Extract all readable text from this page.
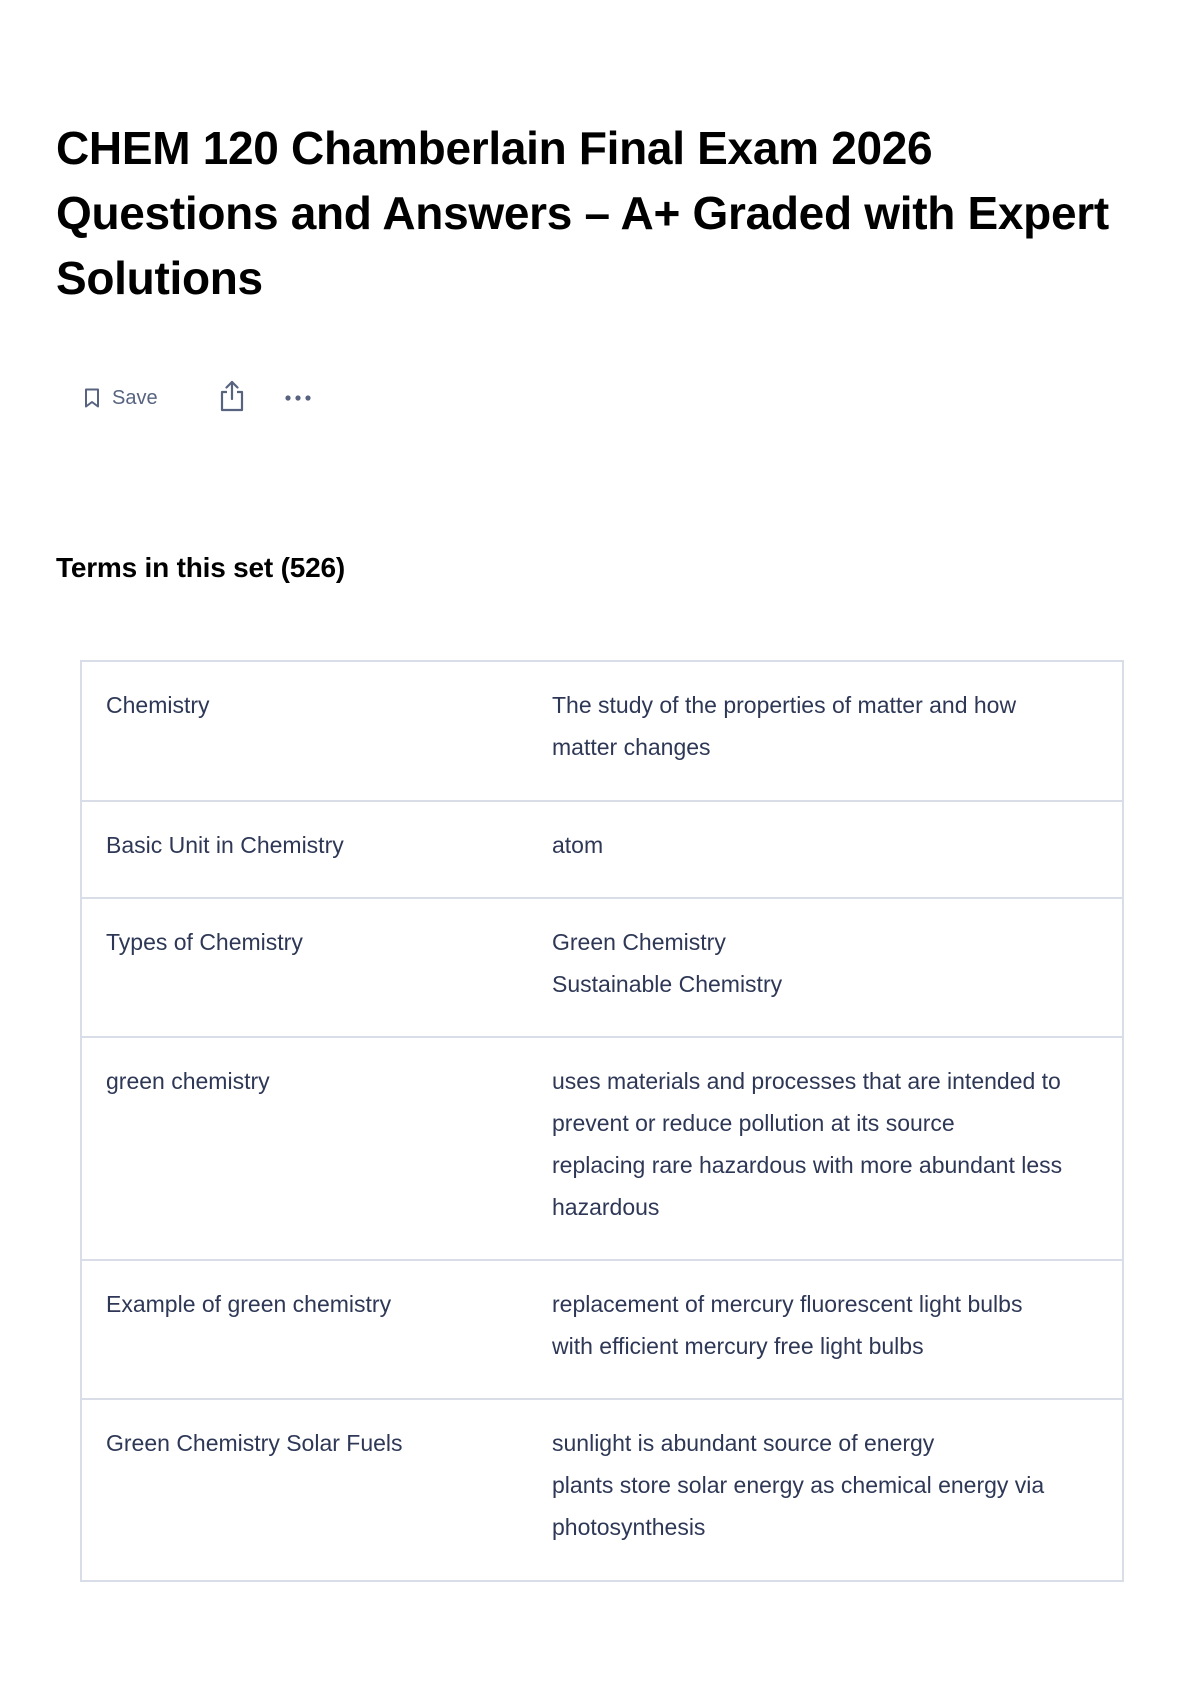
CHEM 120 Chamberlain Final Exam 2026 Questions and Answers – A+ Graded with Expert Solutions
Save
Terms in this set (526)
Chemistry	The study of the properties of matter and how
matter changes
Basic Unit in Chemistry	atom
Types of Chemistry	Green Chemistry
Sustainable Chemistry
green chemistry	uses materials and processes that are intended to
prevent or reduce pollution at its source
replacing rare hazardous with more abundant less
hazardous
Example of green chemistry	replacement of mercury fluorescent light bulbs
with efficient mercury free light bulbs
Green Chemistry Solar Fuels	sunlight is abundant source of energy
plants store solar energy as chemical energy via
photosynthesis
